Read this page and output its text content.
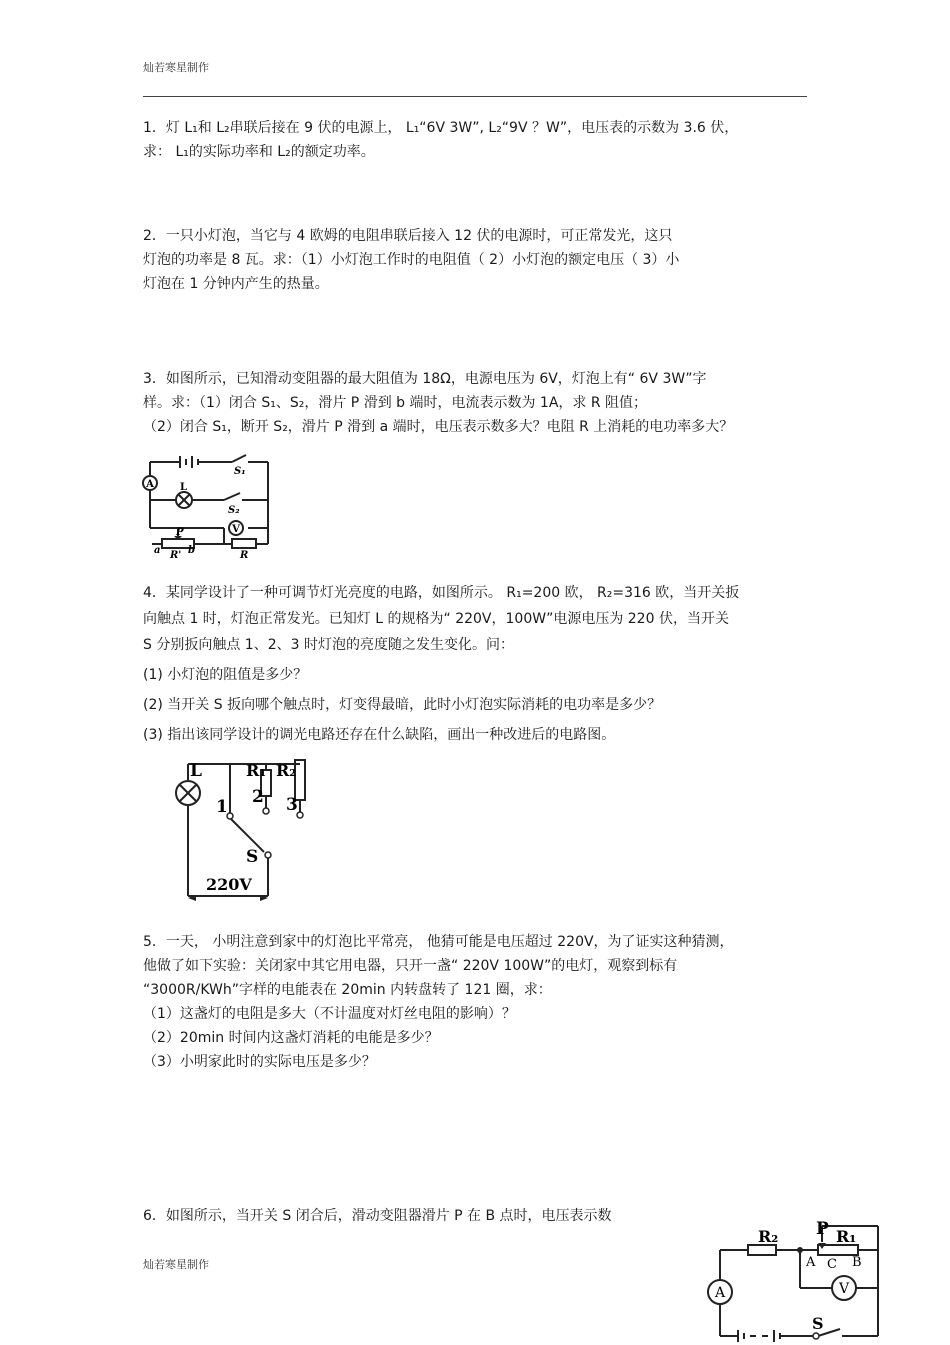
灿若寒星制作

1．灯 L₁和 L₂串联后接在 9 伏的电源上， L₁“6V 3W”, L₂“9V ？W”，电压表的示数为 3.6 伏，

求： L₁的实际功率和 L₂的额定功率。

2．一只小灯泡，当它与 4 欧姆的电阻串联后接入 12 伏的电源时，可正常发光，这只

灯泡的功率是 8 瓦。求：（1）小灯泡工作时的电阻值（ 2）小灯泡的额定电压（ 3）小

灯泡在 1 分钟内产生的热量。

3．如图所示，已知滑动变阻器的最大阻值为 18Ω，电源电压为 6V，灯泡上有“ 6V 3W”字

样。求：（1）闭合 S₁、S₂，滑片 P 滑到 b 端时，电流表示数为 1A，求 R 阻值；

（2）闭合 S₁，断开 S₂，滑片 P 滑到 a 端时，电压表示数多大？电阻 R 上消耗的电功率多大？

A
V
L
S₁
S₂
P
a	b
R'	R

4．某同学设计了一种可调节灯光亮度的电路，如图所示。 R₁=200 欧， R₂=316 欧，当开关扳

向触点 1 时，灯泡正常发光。已知灯 L 的规格为“ 220V，100W”电源电压为 220 伏，当开关

S 分别扳向触点 1、2、3 时灯泡的亮度随之发生变化。问：

(1) 小灯泡的阻值是多少？

(2) 当开关 S 扳向哪个触点时，灯变得最暗，此时小灯泡实际消耗的电功率是多少？

(3) 指出该同学设计的调光电路还存在什么缺陷，画出一种改进后的电路图。

L	R₁ R₂
1 2 3
S
220V

5．一天， 小明注意到家中的灯泡比平常亮， 他猜可能是电压超过 220V，为了证实这种猜测，

他做了如下实验：关闭家中其它用电器，只开一盏“ 220V 100W”的电灯，观察到标有

“3000R/KWh”字样的电能表在 20min 内转盘转了 121 圈，求：

（1）这盏灯的电阻是多大（不计温度对灯丝电阻的影响）？

（2）20min 时间内这盏灯消耗的电能是多少？

（3）小明家此时的实际电压是多少？

6．如图所示，当开关 S 闭合后，滑动变阻器滑片 P 在 B 点时，电压表示数

灿若寒星制作
A	V
R₂ P R₁
A C B
S
